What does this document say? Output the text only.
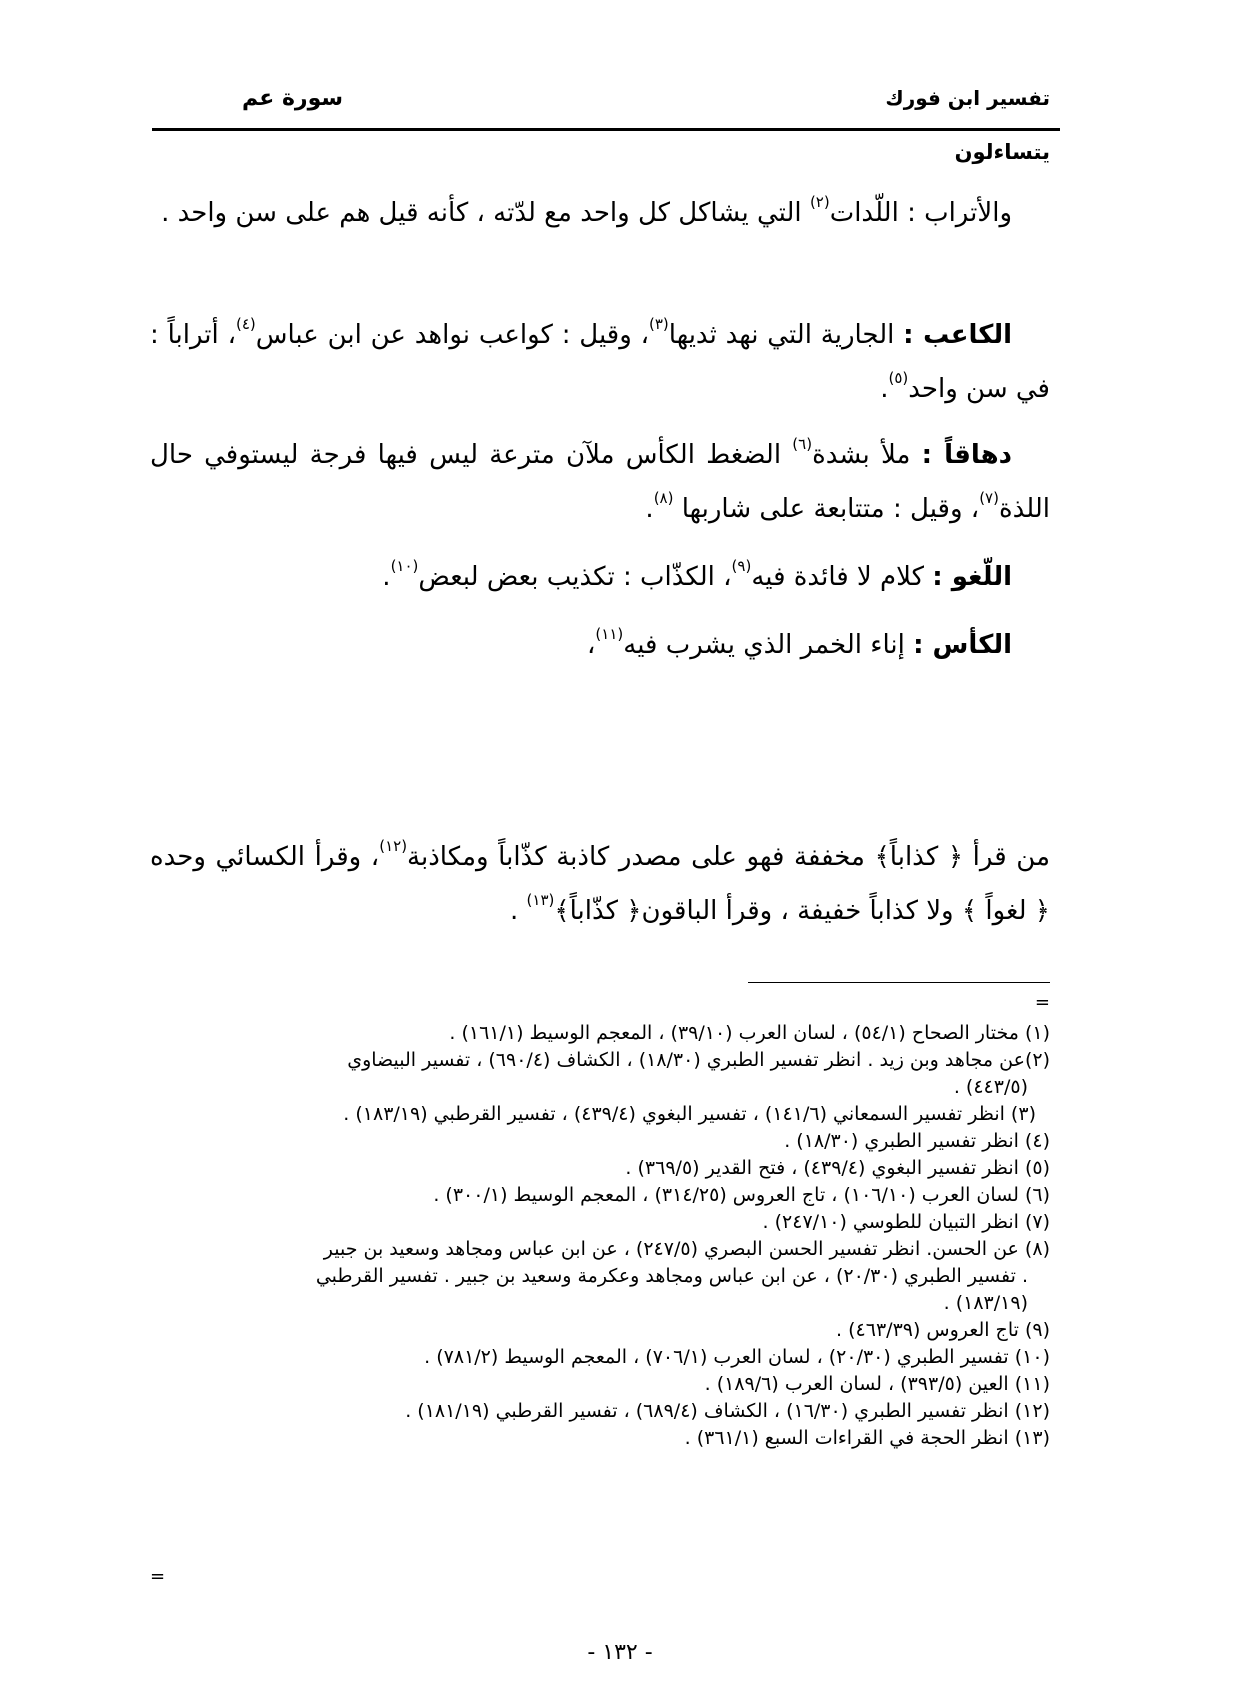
تفسير ابن فورك
سورة عم
يتساءلون

والأتراب : اللّدات$^{(٢)}$ التي يشاكل كل واحد مع لدّته ، كأنه قيل هم على سن واحد .

الكاعب : الجارية التي نهد ثديها$^{(٣)}$، وقيل : كواعب نواهد عن ابن عباس$^{(٤)}$، أتراباً : في سن واحد$^{(٥)}$.

دهاقاً : ملأ بشدة$^{(٦)}$ الضغط الكأس ملآن مترعة ليس فيها فرجة ليستوفي حال اللذة$^{(٧)}$، وقيل : متتابعة على شاربها $^{(٨)}$.

اللّغو : كلام لا فائدة فيه$^{(٩)}$، الكذّاب : تكذيب بعض لبعض$^{(١٠)}$.

الكأس : إناء الخمر الذي يشرب فيه$^{(١١)}$،

من قرأ ﴿ كذاباً﴾ مخففة فهو على مصدر كاذبة كذّاباً ومكاذبة$^{(١٢)}$، وقرأ الكسائي وحده ﴿ لغواً ﴾ ولا كذاباً خفيفة ، وقرأ الباقون﴿ كذّاباً﴾$^{(١٣)}$ .

=
(١) مختار الصحاح (٥٤/١) ، لسان العرب (٣٩/١٠) ، المعجم الوسيط (١٦١/١) .
(٢)عن مجاهد وبن زيد . انظر تفسير الطبري (١٨/٣٠) ، الكشاف (٦٩٠/٤) ، تفسير البيضاوي
(٤٤٣/٥) .
(٣) انظر تفسير السمعاني (١٤١/٦) ، تفسير البغوي (٤٣٩/٤) ، تفسير القرطبي (١٨٣/١٩) .
(٤) انظر تفسير الطبري (١٨/٣٠) .
(٥) انظر تفسير البغوي (٤٣٩/٤) ، فتح القدير (٣٦٩/٥) .
(٦) لسان العرب (١٠٦/١٠) ، تاج العروس (٣١٤/٢٥) ، المعجم الوسيط (٣٠٠/١) .
(٧) انظر التبيان للطوسي (٢٤٧/١٠) .
(٨) عن الحسن. انظر تفسير الحسن البصري (٢٤٧/٥) ، عن ابن عباس ومجاهد وسعيد بن جبير
. تفسير الطبري (٢٠/٣٠) ، عن ابن عباس ومجاهد وعكرمة وسعيد بن جبير . تفسير القرطبي
(١٨٣/١٩) .
(٩) تاج العروس (٤٦٣/٣٩) .
(١٠) تفسير الطبري (٢٠/٣٠) ، لسان العرب (٧٠٦/١) ، المعجم الوسيط (٧٨١/٢) .
(١١) العين (٣٩٣/٥) ، لسان العرب (١٨٩/٦) .
(١٢) انظر تفسير الطبري (١٦/٣٠) ، الكشاف (٦٨٩/٤) ، تفسير القرطبي (١٨١/١٩) .
(١٣) انظر الحجة في القراءات السبع (٣٦١/١) .
=
- ١٣٢ -
